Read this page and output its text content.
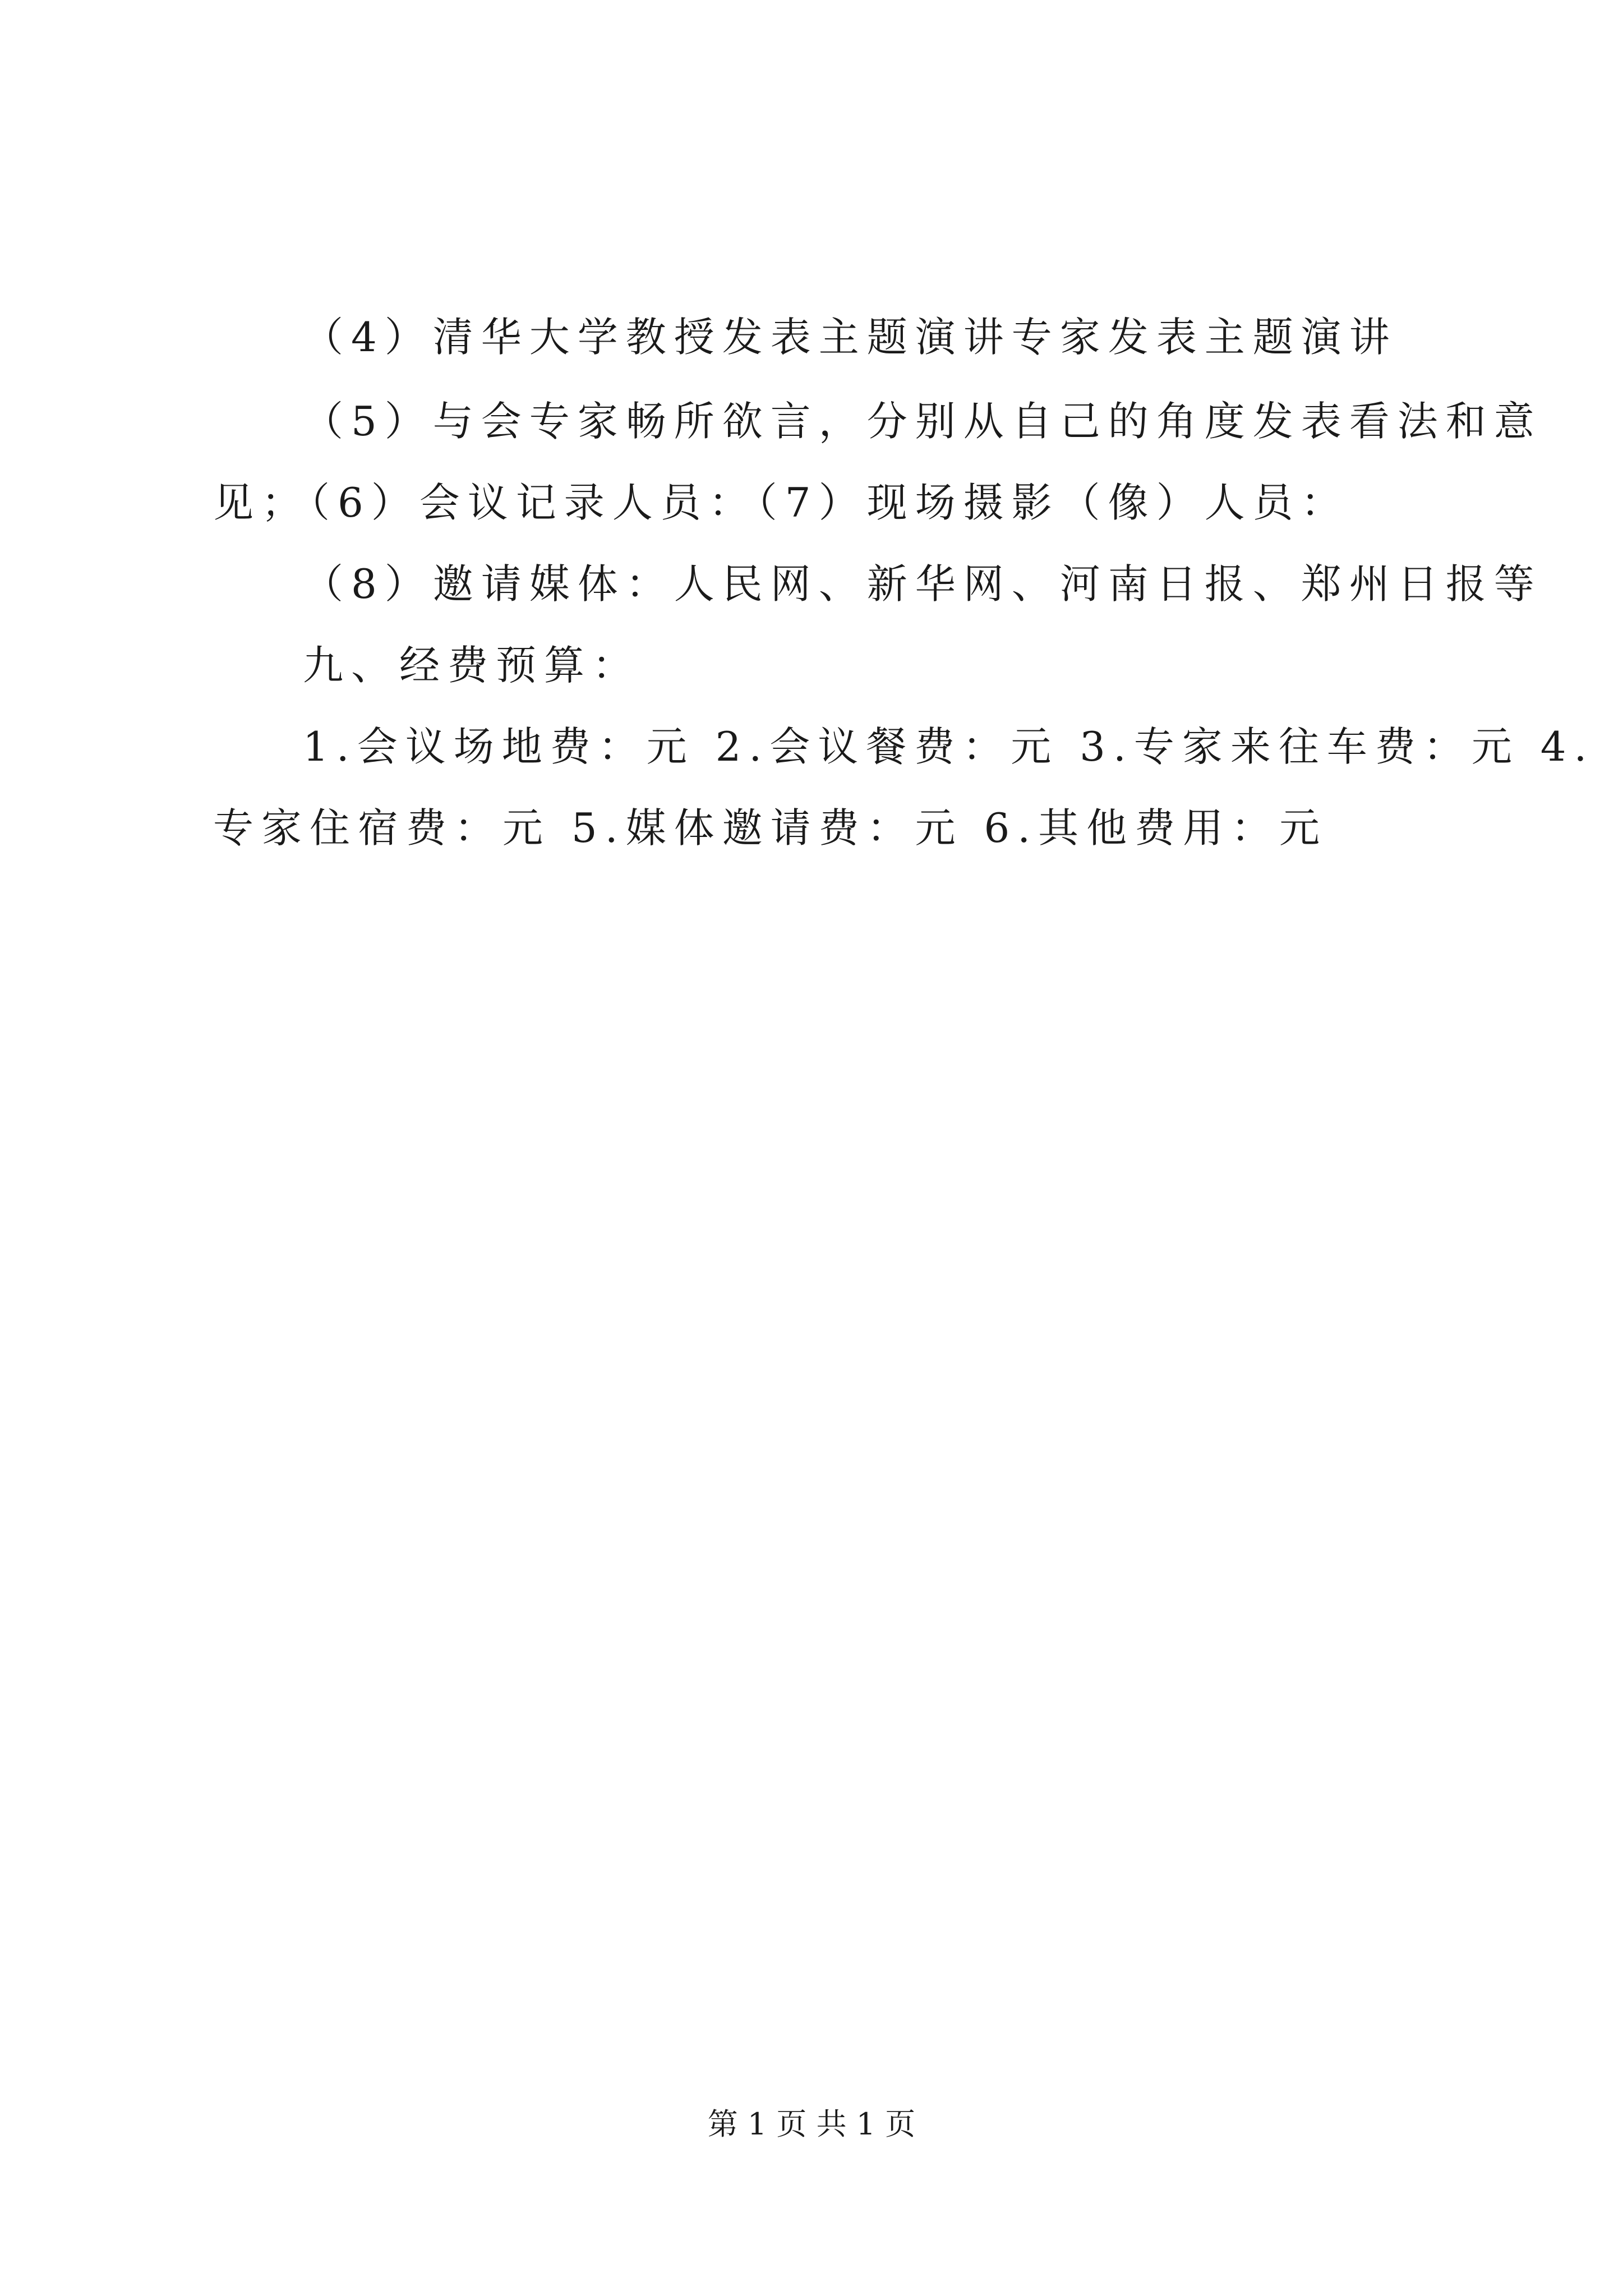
（4）清华大学教授发表主题演讲专家发表主题演讲
（5）与会专家畅所欲言，分别从自己的角度发表看法和意
见；（6）会议记录人员：（7）现场摄影（像）人员：
（8）邀请媒体：人民网、新华网、河南日报、郑州日报等
九、经费预算：
1.会议场地费：元 2.会议餐费：元 3.专家来往车费：元 4.
专家住宿费：元 5.媒体邀请费：元 6.其他费用：元
第 1 页 共 1 页
